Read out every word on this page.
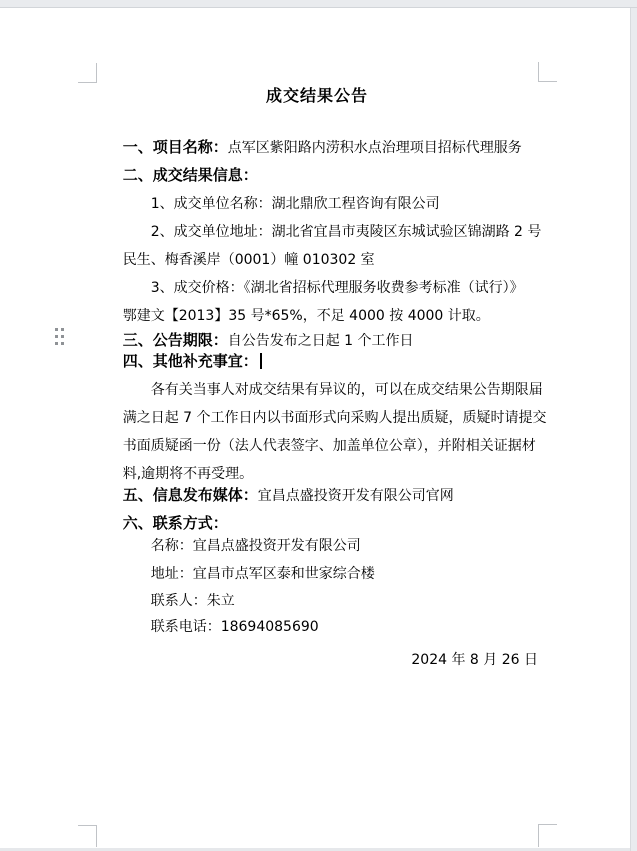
成交结果公告

一、项目名称：点军区紫阳路内涝积水点治理项目招标代理服务

二、成交结果信息：

1、成交单位名称：湖北鼎欣工程咨询有限公司

2、成交单位地址：湖北省宜昌市夷陵区东城试验区锦湖路 2 号

民生、梅香溪岸（0001）幢 010302 室

3、成交价格：《湖北省招标代理服务收费参考标准（试行）》

鄂建文【2013】35 号*65%，不足 4000 按 4000 计取。

三、公告期限：自公告发布之日起 1 个工作日

四、其他补充事宜：

各有关当事人对成交结果有异议的，可以在成交结果公告期限届

满之日起 7 个工作日内以书面形式向采购人提出质疑，质疑时请提交

书面质疑函一份（法人代表签字、加盖单位公章），并附相关证据材

料,逾期将不再受理。

五、信息发布媒体：宜昌点盛投资开发有限公司官网

六、联系方式：

名称：宜昌点盛投资开发有限公司

地址：宜昌市点军区泰和世家综合楼

联系人：朱立

联系电话：18694085690

2024 年 8 月 26 日
